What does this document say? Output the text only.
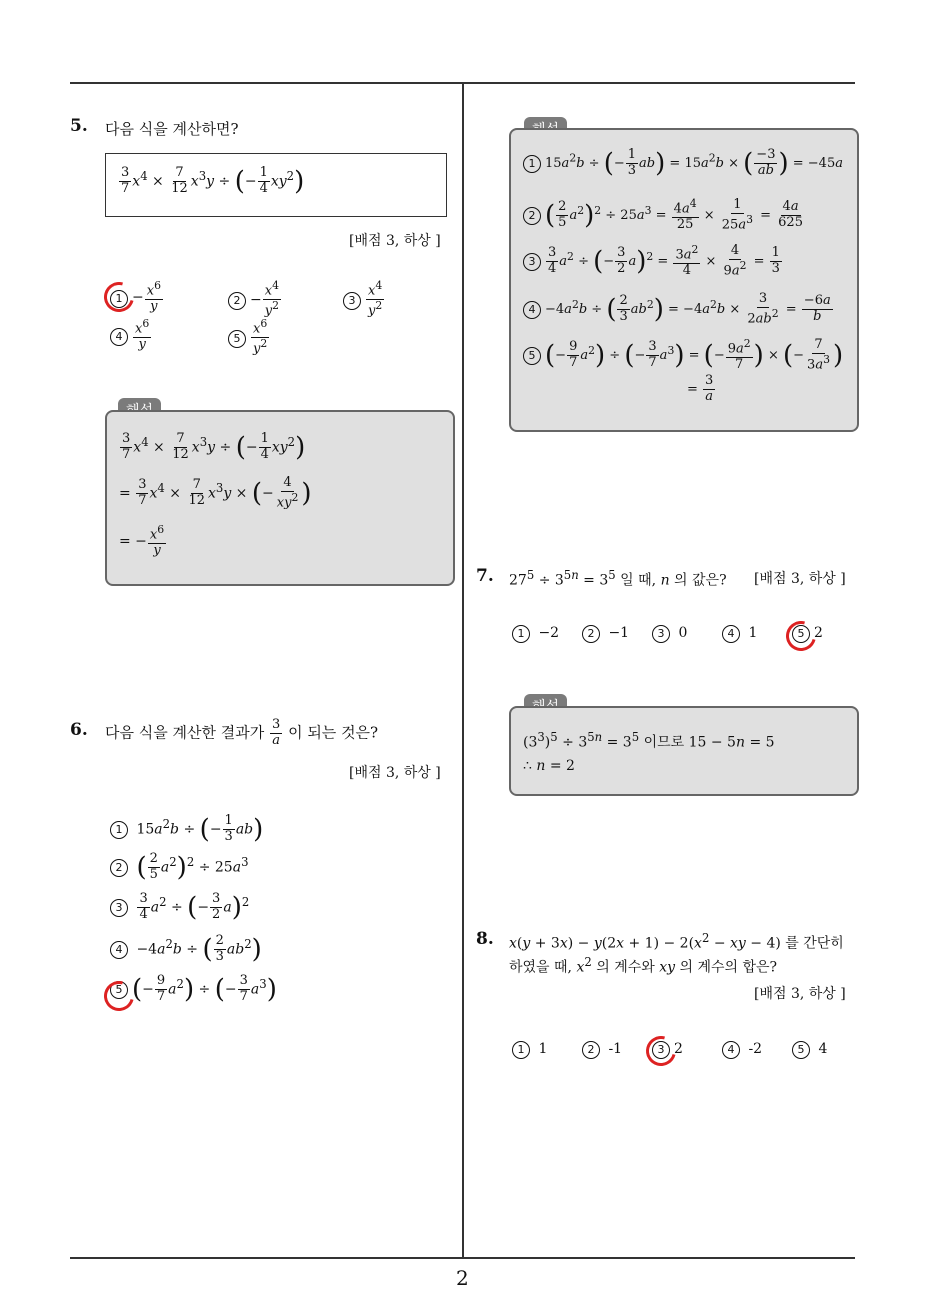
5. 다음 식을 계산하면?
$\frac{3}{7} x^4 \times \frac{7}{12} x^3y$ ÷ (− $\frac{1}{4} xy^2$)
[배점 3, 하상 ]
$1 - \frac{x^6}{y}$	$2 - \frac{x^4}{y^2}$	$3 \frac{x^4}{y^2}$
$4 \frac{x^6}{y}$	$5 \frac{x^6}{y^2}$
$\frac{3}{7} x^4 \times \frac{7}{12} x^3y$ ÷ (− $\frac{1}{4} xy^2$)
= $\frac{3}{7} x^4 \times \frac{7}{12} x^3y$ × (− $\frac{4}{xy^2}$ )
= − $\frac{x^6}{y}$
6. 다음 식을 계산한 결과가 $\frac{3}{a}$ 이 되는 것은?
[배점 3, 하상 ]
1 $15a^2b$ ÷ (− $\frac{1}{3} ab$)
2 ( $\frac{2}{5} a^2)^2 \div 25a^3$
$3 \frac{3}{4} a^2$ ÷ (− $\frac{3}{2} a)^2$
$4 -4a^2b$ ÷ ( $\frac{2}{3} ab^2$)
5 (− $\frac{9}{7} a^2$) ÷ (− $\frac{3}{7} a^3$)
1 $15a^2b$ ÷ (− $\frac{1}{3} ab) = 15a^2b$ × ( $\frac{-3}{ab}$ ) = −45a
2 ( $\frac{2}{5} a^2)^2 \div 25a^3 = \frac{4a^4}{25} \times \frac{1}{25a^3} = \frac{4a}{625}$
$3 \frac{3}{4} a^2$ ÷ (− $\frac{3}{2} a)^2 = \frac{3a^2}{4} \times \frac{4}{9a^2} = \frac{1}{3}$
$4 -4a^2b$ ÷ ( $\frac{2}{3} ab^2) = -4a^2b \times \frac{3}{2ab^2} = \frac{-6a}{b}$
5 (− $\frac{9}{7} a^2$) ÷ (− $\frac{3}{7} a^3$) = (− $\frac{9a^2}{7}$ ) × (− $\frac{7}{3a^3}$ )
= $\frac{3}{a}$
7. $27^5 \div 3^{5n} = 3^5$ 일 때, n 의 값은? [배점 3, 하상 ]
1 −2	2 −1	3 0	4 1	5 2
$(3^3)^5 \div 3^{5n} = 3^5$ 이므로 15 − 5n = 5
∴ n = 2
8. $x(y + 3x) - y(2x + 1) - 2(x^2$ − xy − 4) 를 간단히
하였을 때, $x^2$ 의 계수와 xy 의 계수의 합은?
[배점 3, 하상 ]
1 1	2 -1	3 2	4 -2	5 4
2
